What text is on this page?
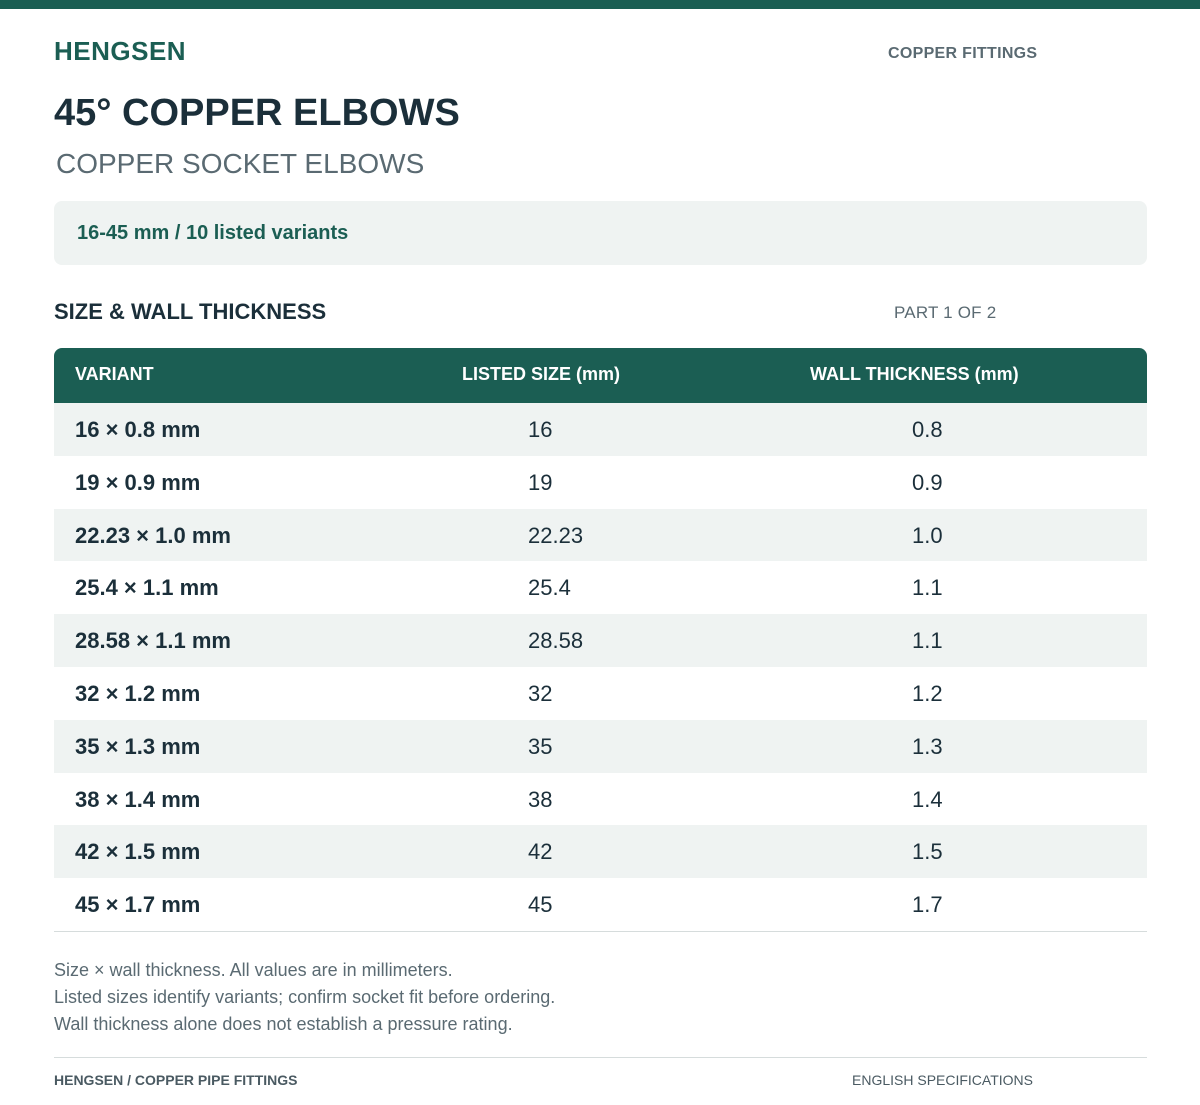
HENGSEN	COPPER FITTINGS
45° COPPER ELBOWS
COPPER SOCKET ELBOWS
16-45 mm / 10 listed variants
SIZE & WALL THICKNESS	PART 1 OF 2
VARIANT	LISTED SIZE (mm)	WALL THICKNESS (mm)
16 × 0.8 mm	16	0.8
19 × 0.9 mm	19	0.9
22.23 × 1.0 mm	22.23	1.0
25.4 × 1.1 mm	25.4	1.1
28.58 × 1.1 mm	28.58	1.1
32 × 1.2 mm	32	1.2
35 × 1.3 mm	35	1.3
38 × 1.4 mm	38	1.4
42 × 1.5 mm	42	1.5
45 × 1.7 mm	45	1.7
Size × wall thickness. All values are in millimeters.
Listed sizes identify variants; confirm socket fit before ordering.
Wall thickness alone does not establish a pressure rating.
HENGSEN / COPPER PIPE FITTINGS	ENGLISH SPECIFICATIONS
